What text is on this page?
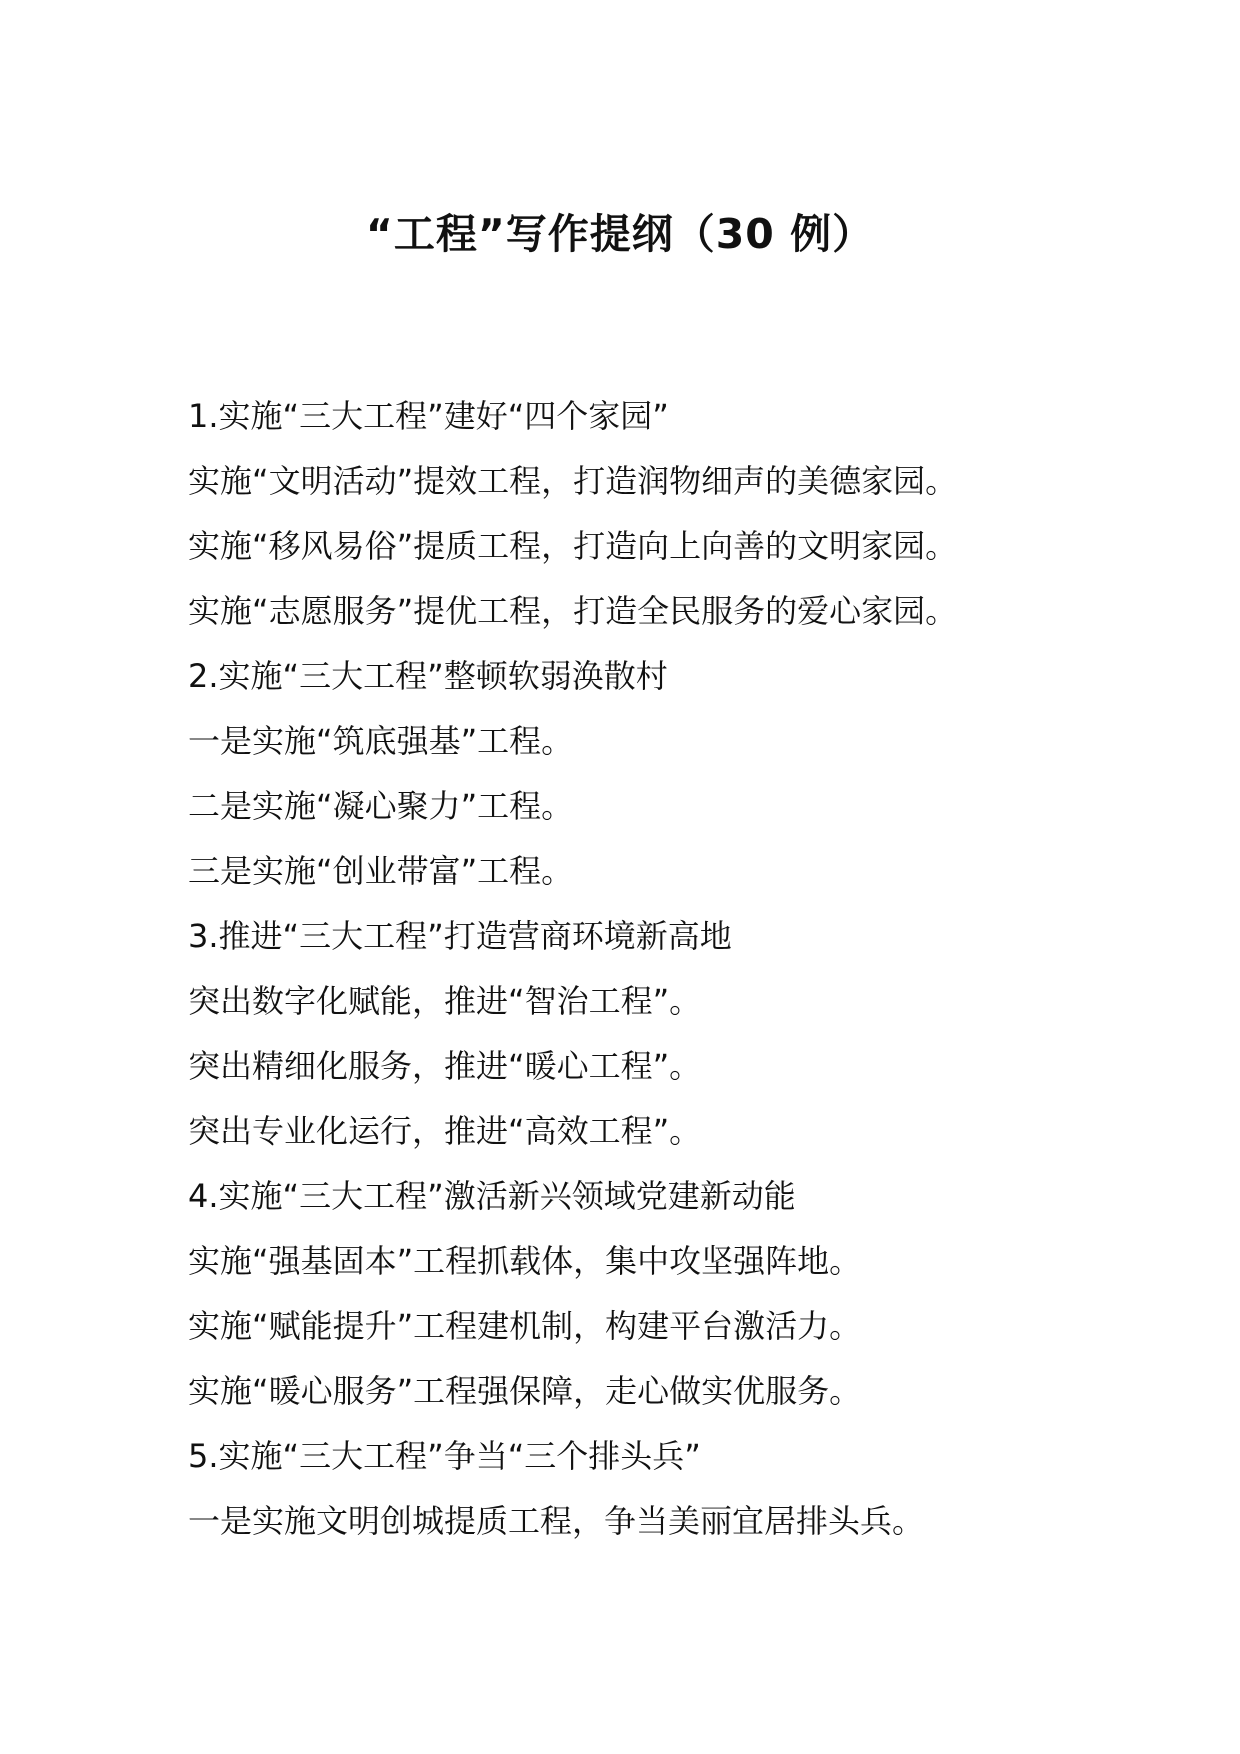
“工程”写作提纲（30 例）
1.实施“三大工程”建好“四个家园”
实施“文明活动”提效工程，打造润物细声的美德家园。
实施“移风易俗”提质工程，打造向上向善的文明家园。
实施“志愿服务”提优工程，打造全民服务的爱心家园。
2.实施“三大工程”整顿软弱涣散村
一是实施“筑底强基”工程。
二是实施“凝心聚力”工程。
三是实施“创业带富”工程。
3.推进“三大工程”打造营商环境新高地
突出数字化赋能，推进“智治工程”。
突出精细化服务，推进“暖心工程”。
突出专业化运行，推进“高效工程”。
4.实施“三大工程”激活新兴领域党建新动能
实施“强基固本”工程抓载体，集中攻坚强阵地。
实施“赋能提升”工程建机制，构建平台激活力。
实施“暖心服务”工程强保障，走心做实优服务。
5.实施“三大工程”争当“三个排头兵”
一是实施文明创城提质工程，争当美丽宜居排头兵。
